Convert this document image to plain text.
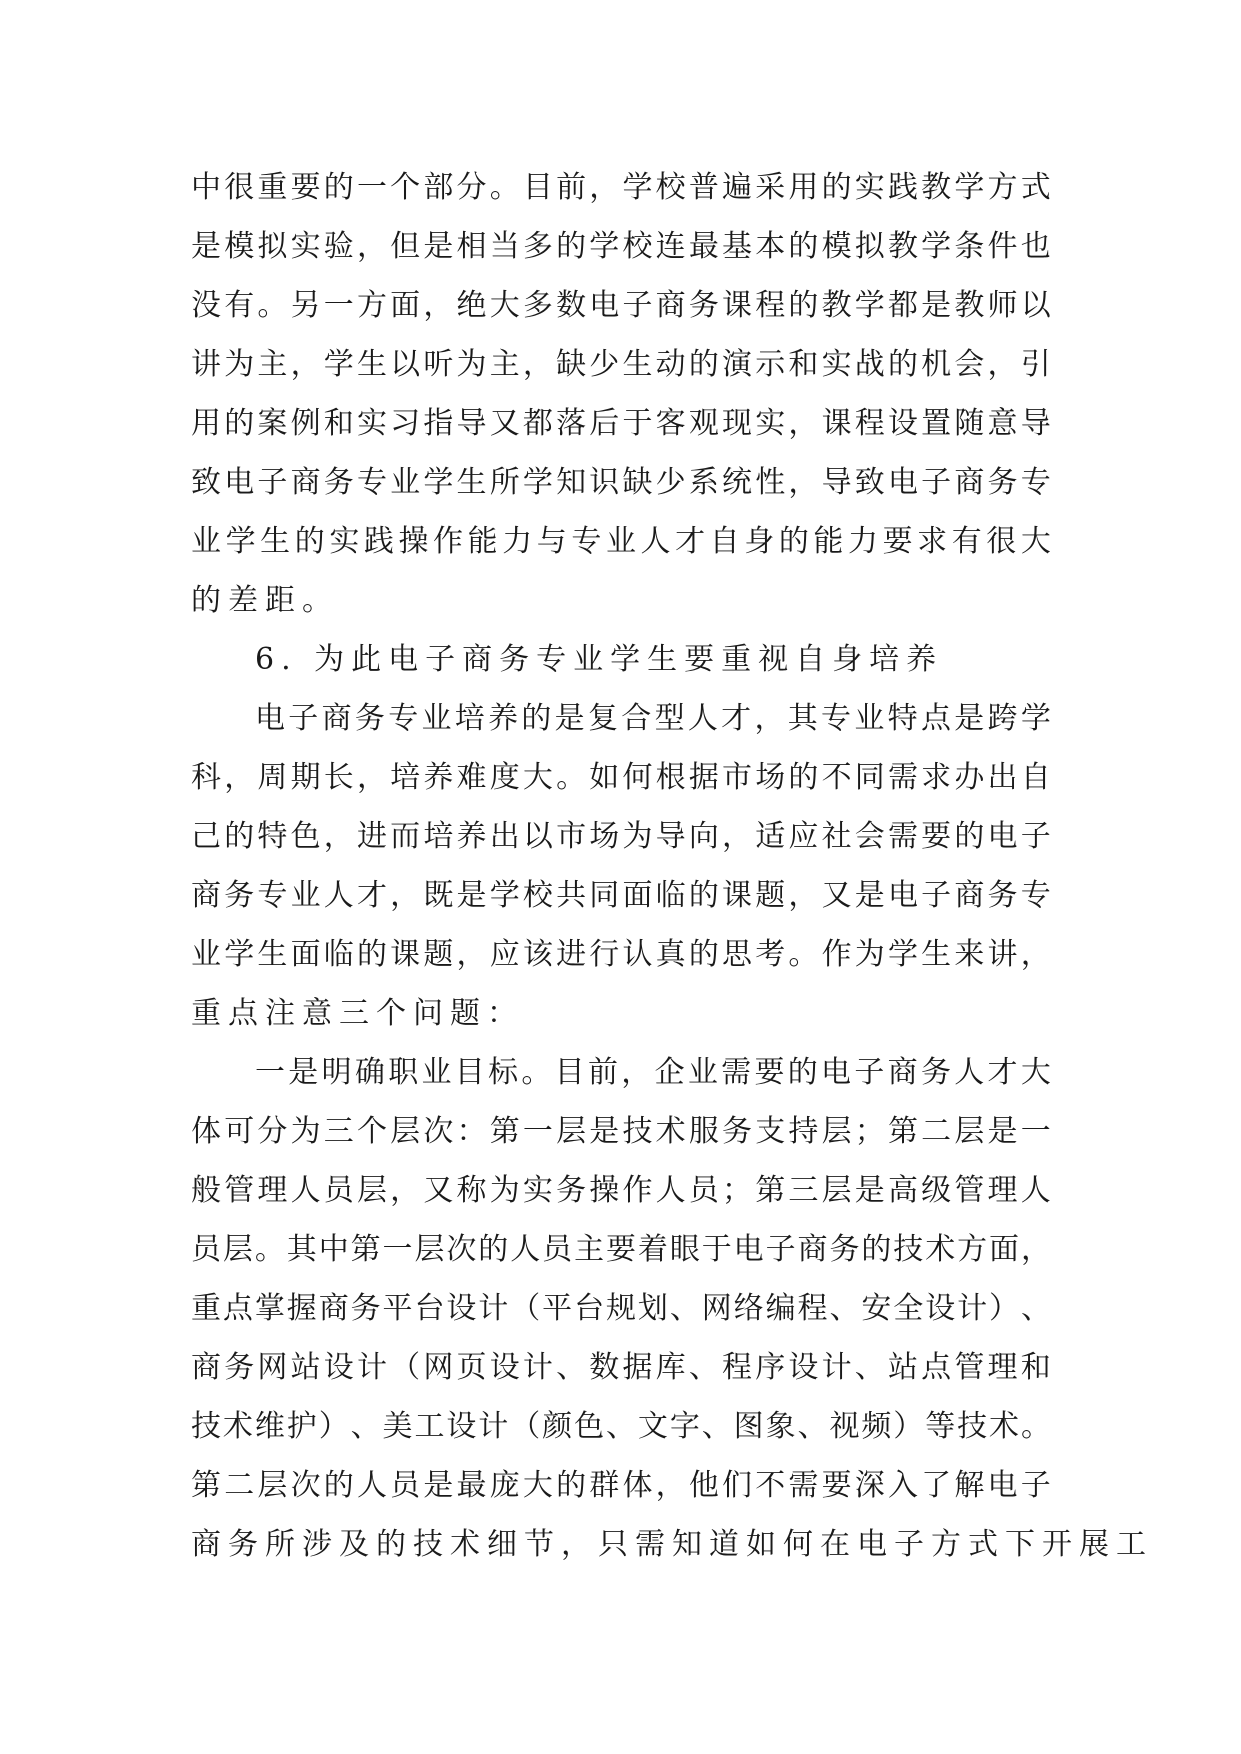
中 很 重 要 的 一 个 部 分 。 目 前 ， 学 校 普 遍 采 用 的 实 践 教 学 方 式
是 模 拟 实 验 ， 但 是 相 当 多 的 学 校 连 最 基 本 的 模 拟 教 学 条 件 也
没 有 。 另 一 方 面 ， 绝 大 多 数 电 子 商 务 课 程 的 教 学 都 是 教 师 以
讲 为 主 ， 学 生 以 听 为 主 ， 缺 少 生 动 的 演 示 和 实 战 的 机 会 ， 引
用 的 案 例 和 实 习 指 导 又 都 落 后 于 客 观 现 实 ， 课 程 设 置 随 意 导
致 电 子 商 务 专 业 学 生 所 学 知 识 缺 少 系 统 性 ， 导 致 电 子 商 务 专
业 学 生 的 实 践 操 作 能 力 与 专 业 人 才 自 身 的 能 力 要 求 有 很 大
的差距。
6. 为此电子商务专业学生要重视自身培养
电 子 商 务 专 业 培 养 的 是 复 合 型 人 才 ， 其 专 业 特 点 是 跨 学
科 ， 周 期 长 ， 培 养 难 度 大 。 如 何 根 据 市 场 的 不 同 需 求 办 出 自
己 的 特 色 ， 进 而 培 养 出 以 市 场 为 导 向 ， 适 应 社 会 需 要 的 电 子
商 务 专 业 人 才 ， 既 是 学 校 共 同 面 临 的 课 题 ， 又 是 电 子 商 务 专
业 学 生 面 临 的 课 题 ， 应 该 进 行 认 真 的 思 考 。 作 为 学 生 来 讲 ，
重点注意三个问题：
一 是 明 确 职 业 目 标 。 目 前 ， 企 业 需 要 的 电 子 商 务 人 才 大
体 可 分 为 三 个 层 次 ： 第 一 层 是 技 术 服 务 支 持 层 ； 第 二 层 是 一
般 管 理 人 员 层 ， 又 称 为 实 务 操 作 人 员 ； 第 三 层 是 高 级 管 理 人
员 层 。 其 中 第 一 层 次 的 人 员 主 要 着 眼 于 电 子 商 务 的 技 术 方 面 ，
重 点 掌 握 商 务 平 台 设 计 （ 平 台 规 划 、 网 络 编 程 、 安 全 设 计 ） 、
商 务 网 站 设 计 （ 网 页 设 计 、 数 据 库 、 程 序 设 计 、 站 点 管 理 和
技 术 维 护 ） 、 美 工 设 计 （ 颜 色 、 文 字 、 图 象 、 视 频 ） 等 技 术 。
第 二 层 次 的 人 员 是 最 庞 大 的 群 体 ， 他 们 不 需 要 深 入 了 解 电 子
商务所涉及的技术细节，只需知道如何在电子方式下开展工
